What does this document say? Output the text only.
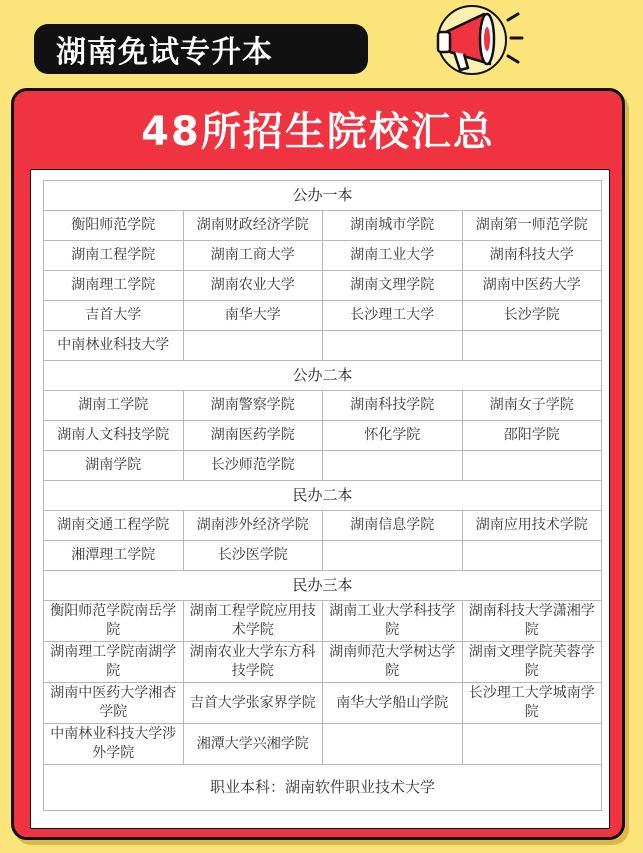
湖南免试专升本
48所招生院校汇总
公办一本			
衡阳师范学院	湖南财政经济学院	湖南城市学院	湖南第一师范学院
湖南工程学院	湖南工商大学	湖南工业大学	湖南科技大学
湖南理工学院	湖南农业大学	湖南文理学院	湖南中医药大学
吉首大学	南华大学	长沙理工大学	长沙学院
中南林业科技大学			
公办二本			
湖南工学院	湖南警察学院	湖南科技学院	湖南女子学院
湖南人文科技学院	湖南医药学院	怀化学院	邵阳学院
湖南学院	长沙师范学院		
民办二本			
湖南交通工程学院	湖南涉外经济学院	湖南信息学院	湖南应用技术学院
湘潭理工学院	长沙医学院		
民办三本			
衡阳师范学院南岳学院	湖南工程学院应用技术学院	湖南工业大学科技学院	湖南科技大学潇湘学院
湖南理工学院南湖学院	湖南农业大学东方科技学院	湖南师范大学树达学院	湖南文理学院芙蓉学院
湖南中医药大学湘杏学院	吉首大学张家界学院	南华大学船山学院	长沙理工大学城南学院
中南林业科技大学涉外学院	湘潭大学兴湘学院		
职业本科：湖南软件职业技术大学			
